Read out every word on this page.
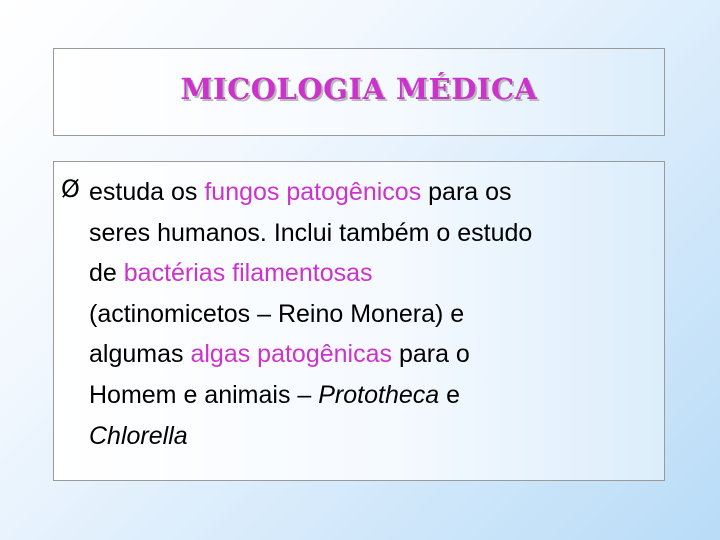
MICOLOGIA MÉDICA
Ø estuda os fungos patogênicos para os
seres humanos. Inclui também o estudo
de bactérias filamentosas
(actinomicetos – Reino Monera) e
algumas algas patogênicas para o
Homem e animais – Prototheca e
Chlorella
